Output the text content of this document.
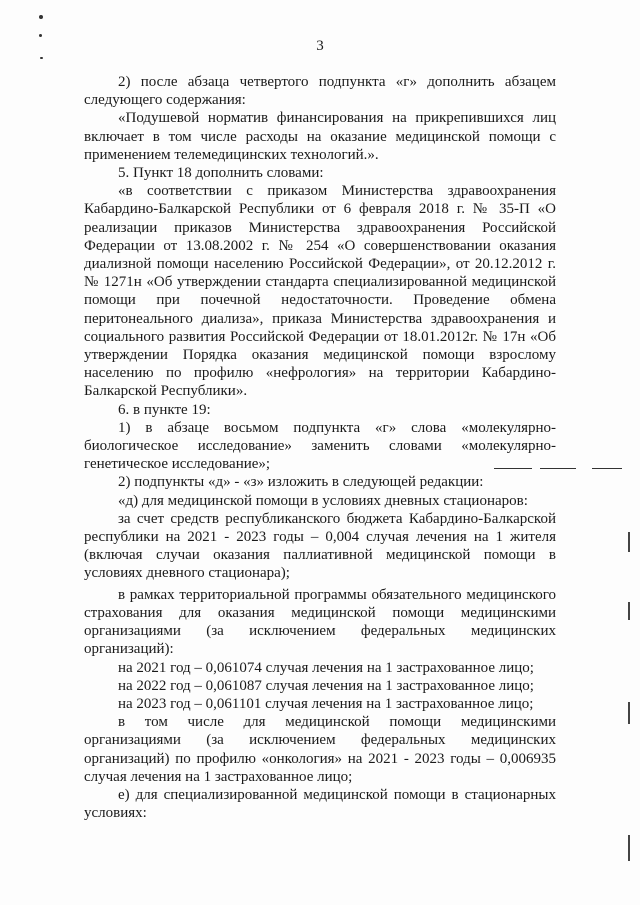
3

2) после абзаца четвертого подпункта «г» дополнить абзацем следующего содержания:

«Подушевой норматив финансирования на прикрепившихся лиц включает в том числе расходы на оказание медицинской помощи с применением телемедицинских технологий.».

5. Пункт 18 дополнить словами:

«в соответствии с приказом Министерства здравоохранения Кабардино-Балкарской Республики от 6 февраля 2018 г. № 35-П «О реализации приказов Министерства здравоохранения Российской Федерации от 13.08.2002 г. № 254 «О совершенствовании оказания диализной помощи населению Российской Федерации», от 20.12.2012 г. № 1271н «Об утверждении стандарта специализированной медицинской помощи при почечной недостаточности. Проведение обмена перитонеального диализа», приказа Министерства здравоохранения и социального развития Российской Федерации от 18.01.2012г. № 17н «Об утверждении Порядка оказания медицинской помощи взрослому населению по профилю «нефрология» на территории Кабардино-Балкарской Республики».

6. в пункте 19:

1) в абзаце восьмом подпункта «г» слова «молекулярно-биологическое исследование» заменить словами «молекулярно-генетическое исследование»;

2) подпункты «д» - «з» изложить в следующей редакции:

«д) для медицинской помощи в условиях дневных стационаров:

за счет средств республиканского бюджета Кабардино-Балкарской республики на 2021 - 2023 годы – 0,004 случая лечения на 1 жителя (включая случаи оказания паллиативной медицинской помощи в условиях дневного стационара);

в рамках территориальной программы обязательного медицинского страхования для оказания медицинской помощи медицинскими организациями (за исключением федеральных медицинских организаций):

на 2021 год – 0,061074 случая лечения на 1 застрахованное лицо;

на 2022 год – 0,061087 случая лечения на 1 застрахованное лицо;

на 2023 год – 0,061101 случая лечения на 1 застрахованное лицо;

в том числе для медицинской помощи медицинскими организациями (за исключением федеральных медицинских организаций) по профилю «онкология» на 2021 - 2023 годы – 0,006935 случая лечения на 1 застрахованное лицо;

е) для специализированной медицинской помощи в стационарных условиях:
